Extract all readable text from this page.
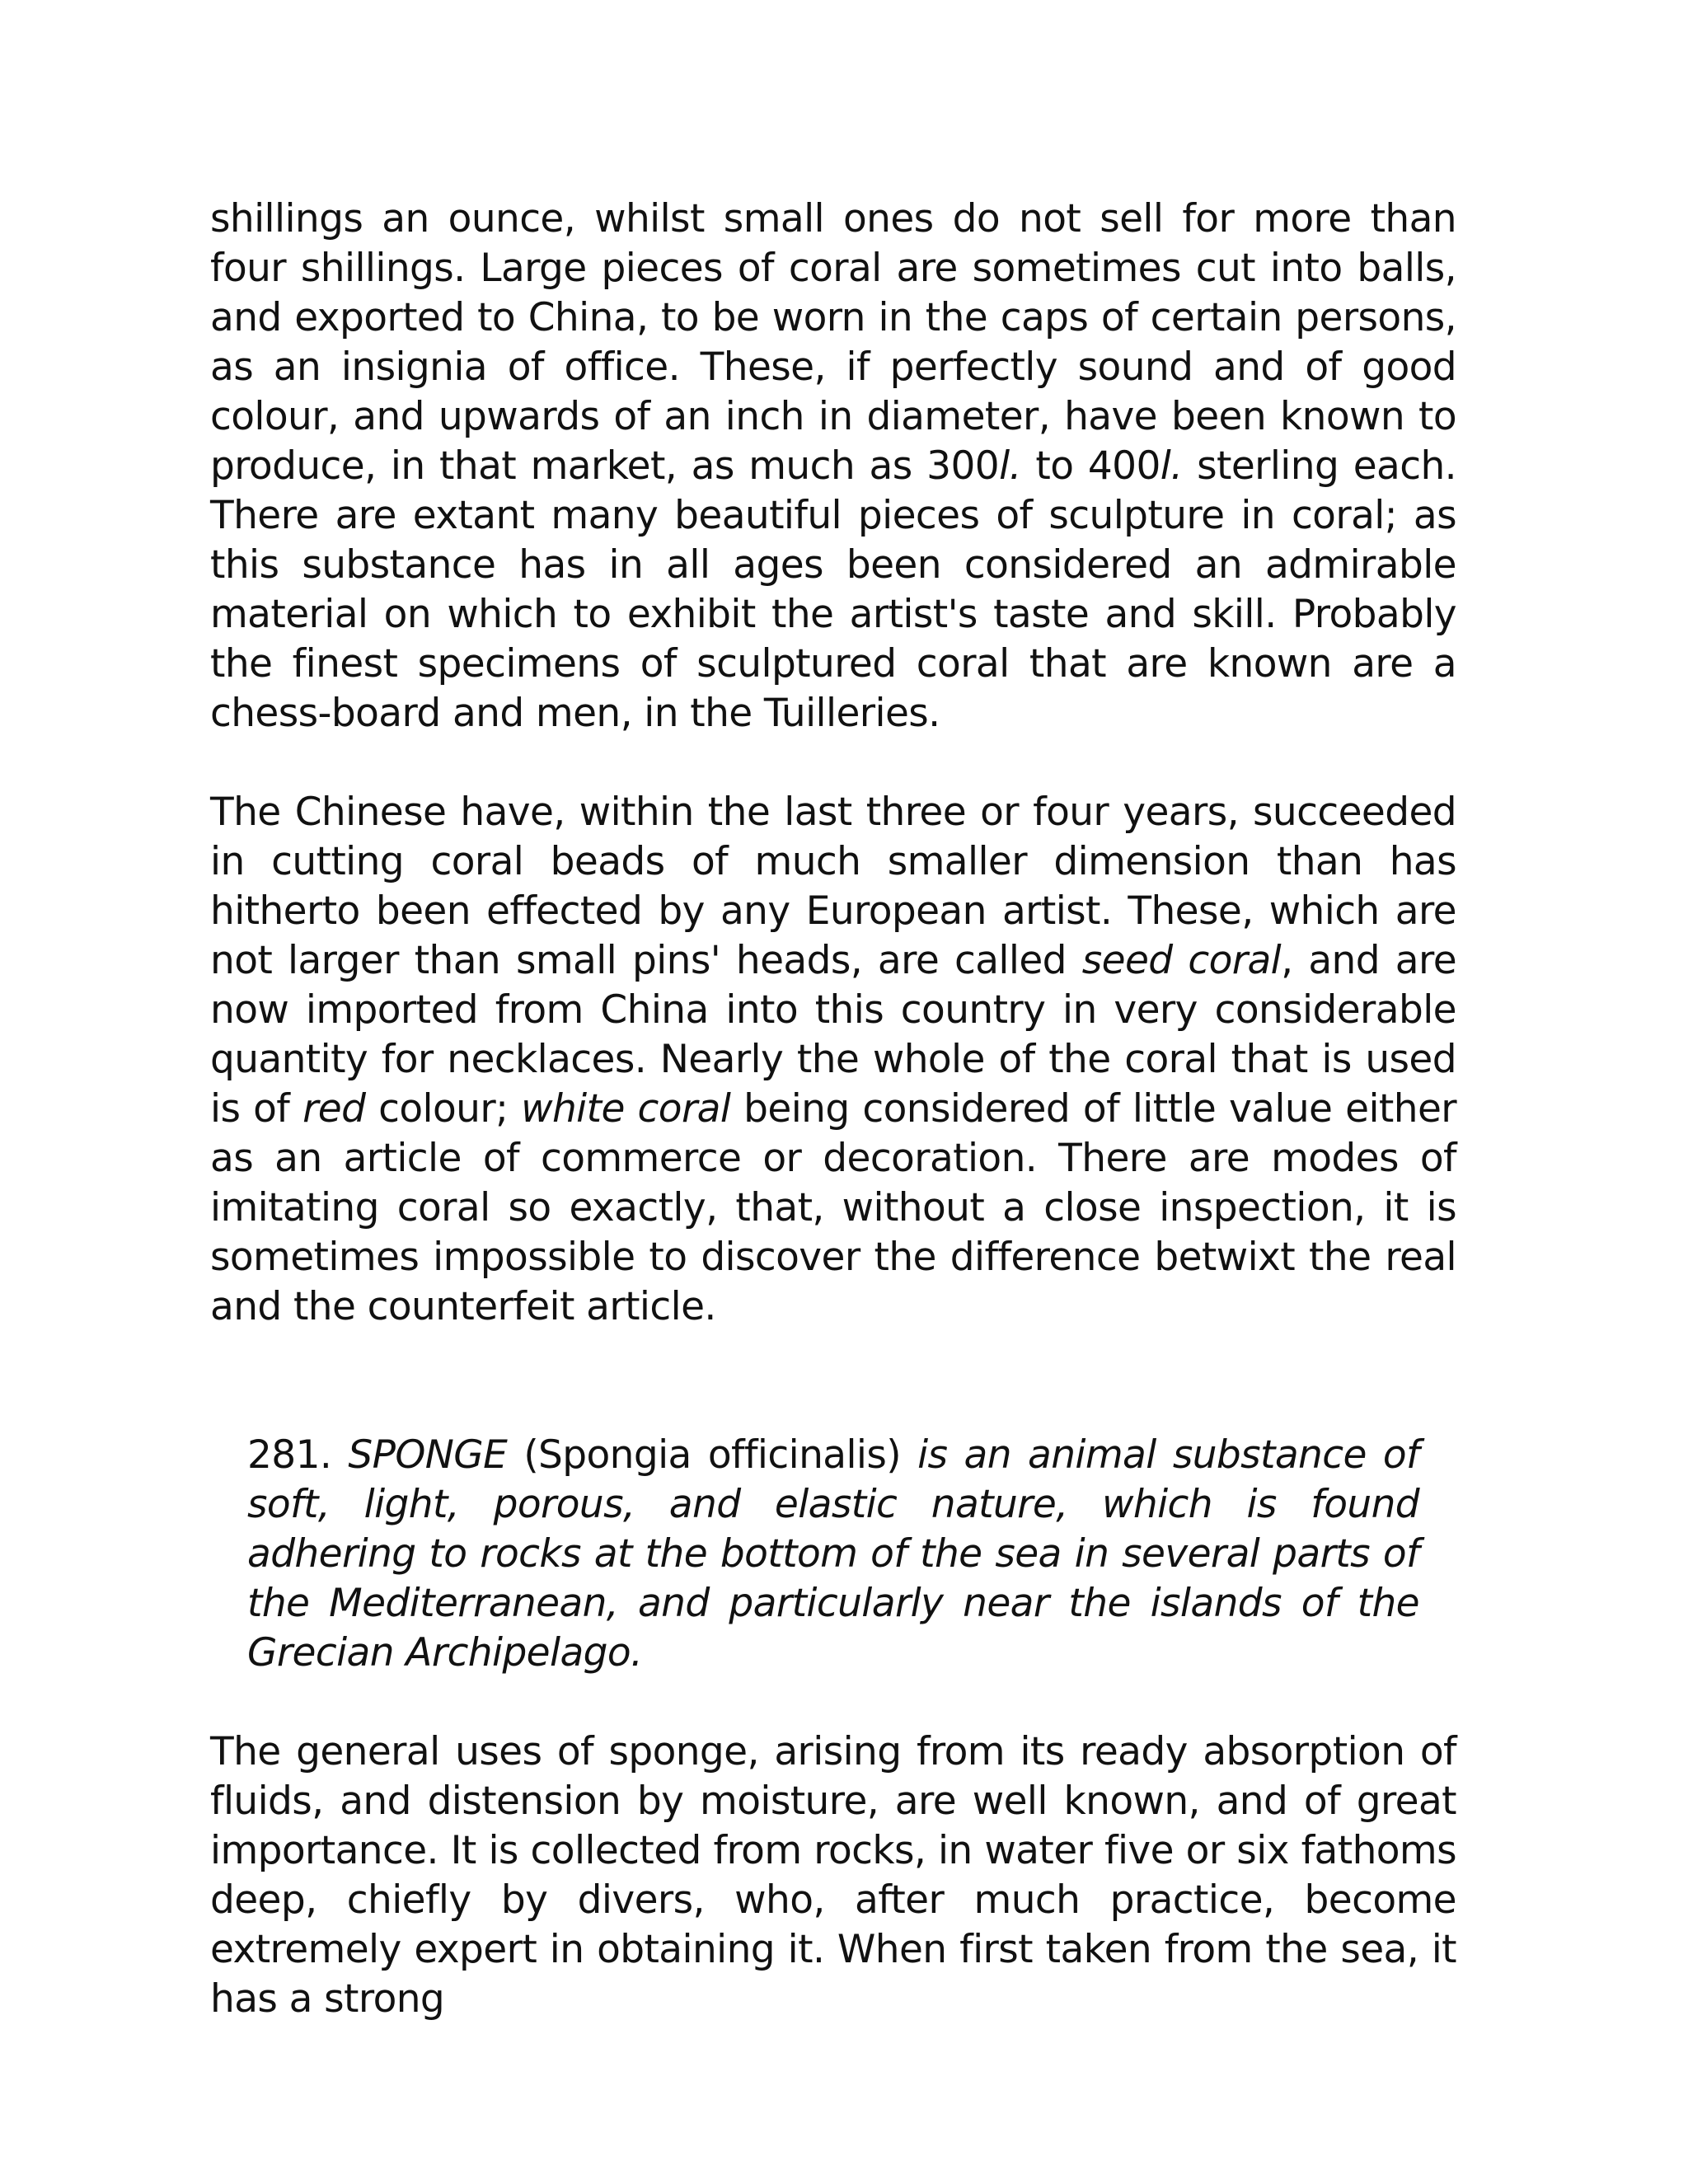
shillings an ounce, whilst small ones do not sell for more than four shillings. Large pieces of coral are sometimes cut into balls, and exported to China, to be worn in the caps of certain persons, as an insignia of office. These, if perfectly sound and of good colour, and upwards of an inch in diameter, have been known to produce, in that market, as much as 300l. to 400l. sterling each. There are extant many beautiful pieces of sculpture in coral; as this substance has in all ages been considered an admirable material on which to exhibit the artist's taste and skill. Probably the finest specimens of sculptured coral that are known are a chess-board and men, in the Tuilleries.

The Chinese have, within the last three or four years, succeeded in cutting coral beads of much smaller dimension than has hitherto been effected by any European artist. These, which are not larger than small pins' heads, are called seed coral, and are now imported from China into this country in very considerable quantity for necklaces. Nearly the whole of the coral that is used is of red colour; white coral being considered of little value either as an article of commerce or decoration. There are modes of imitating coral so exactly, that, without a close inspection, it is sometimes impossible to discover the difference betwixt the real and the counterfeit article.

281. SPONGE (Spongia officinalis) is an animal substance of soft, light, porous, and elastic nature, which is found adhering to rocks at the bottom of the sea in several parts of the Mediterranean, and particularly near the islands of the Grecian Archipelago.

The general uses of sponge, arising from its ready absorption of fluids, and distension by moisture, are well known, and of great importance. It is collected from rocks, in water five or six fathoms deep, chiefly by divers, who, after much practice, become extremely expert in obtaining it. When first taken from the sea, it has a strong
